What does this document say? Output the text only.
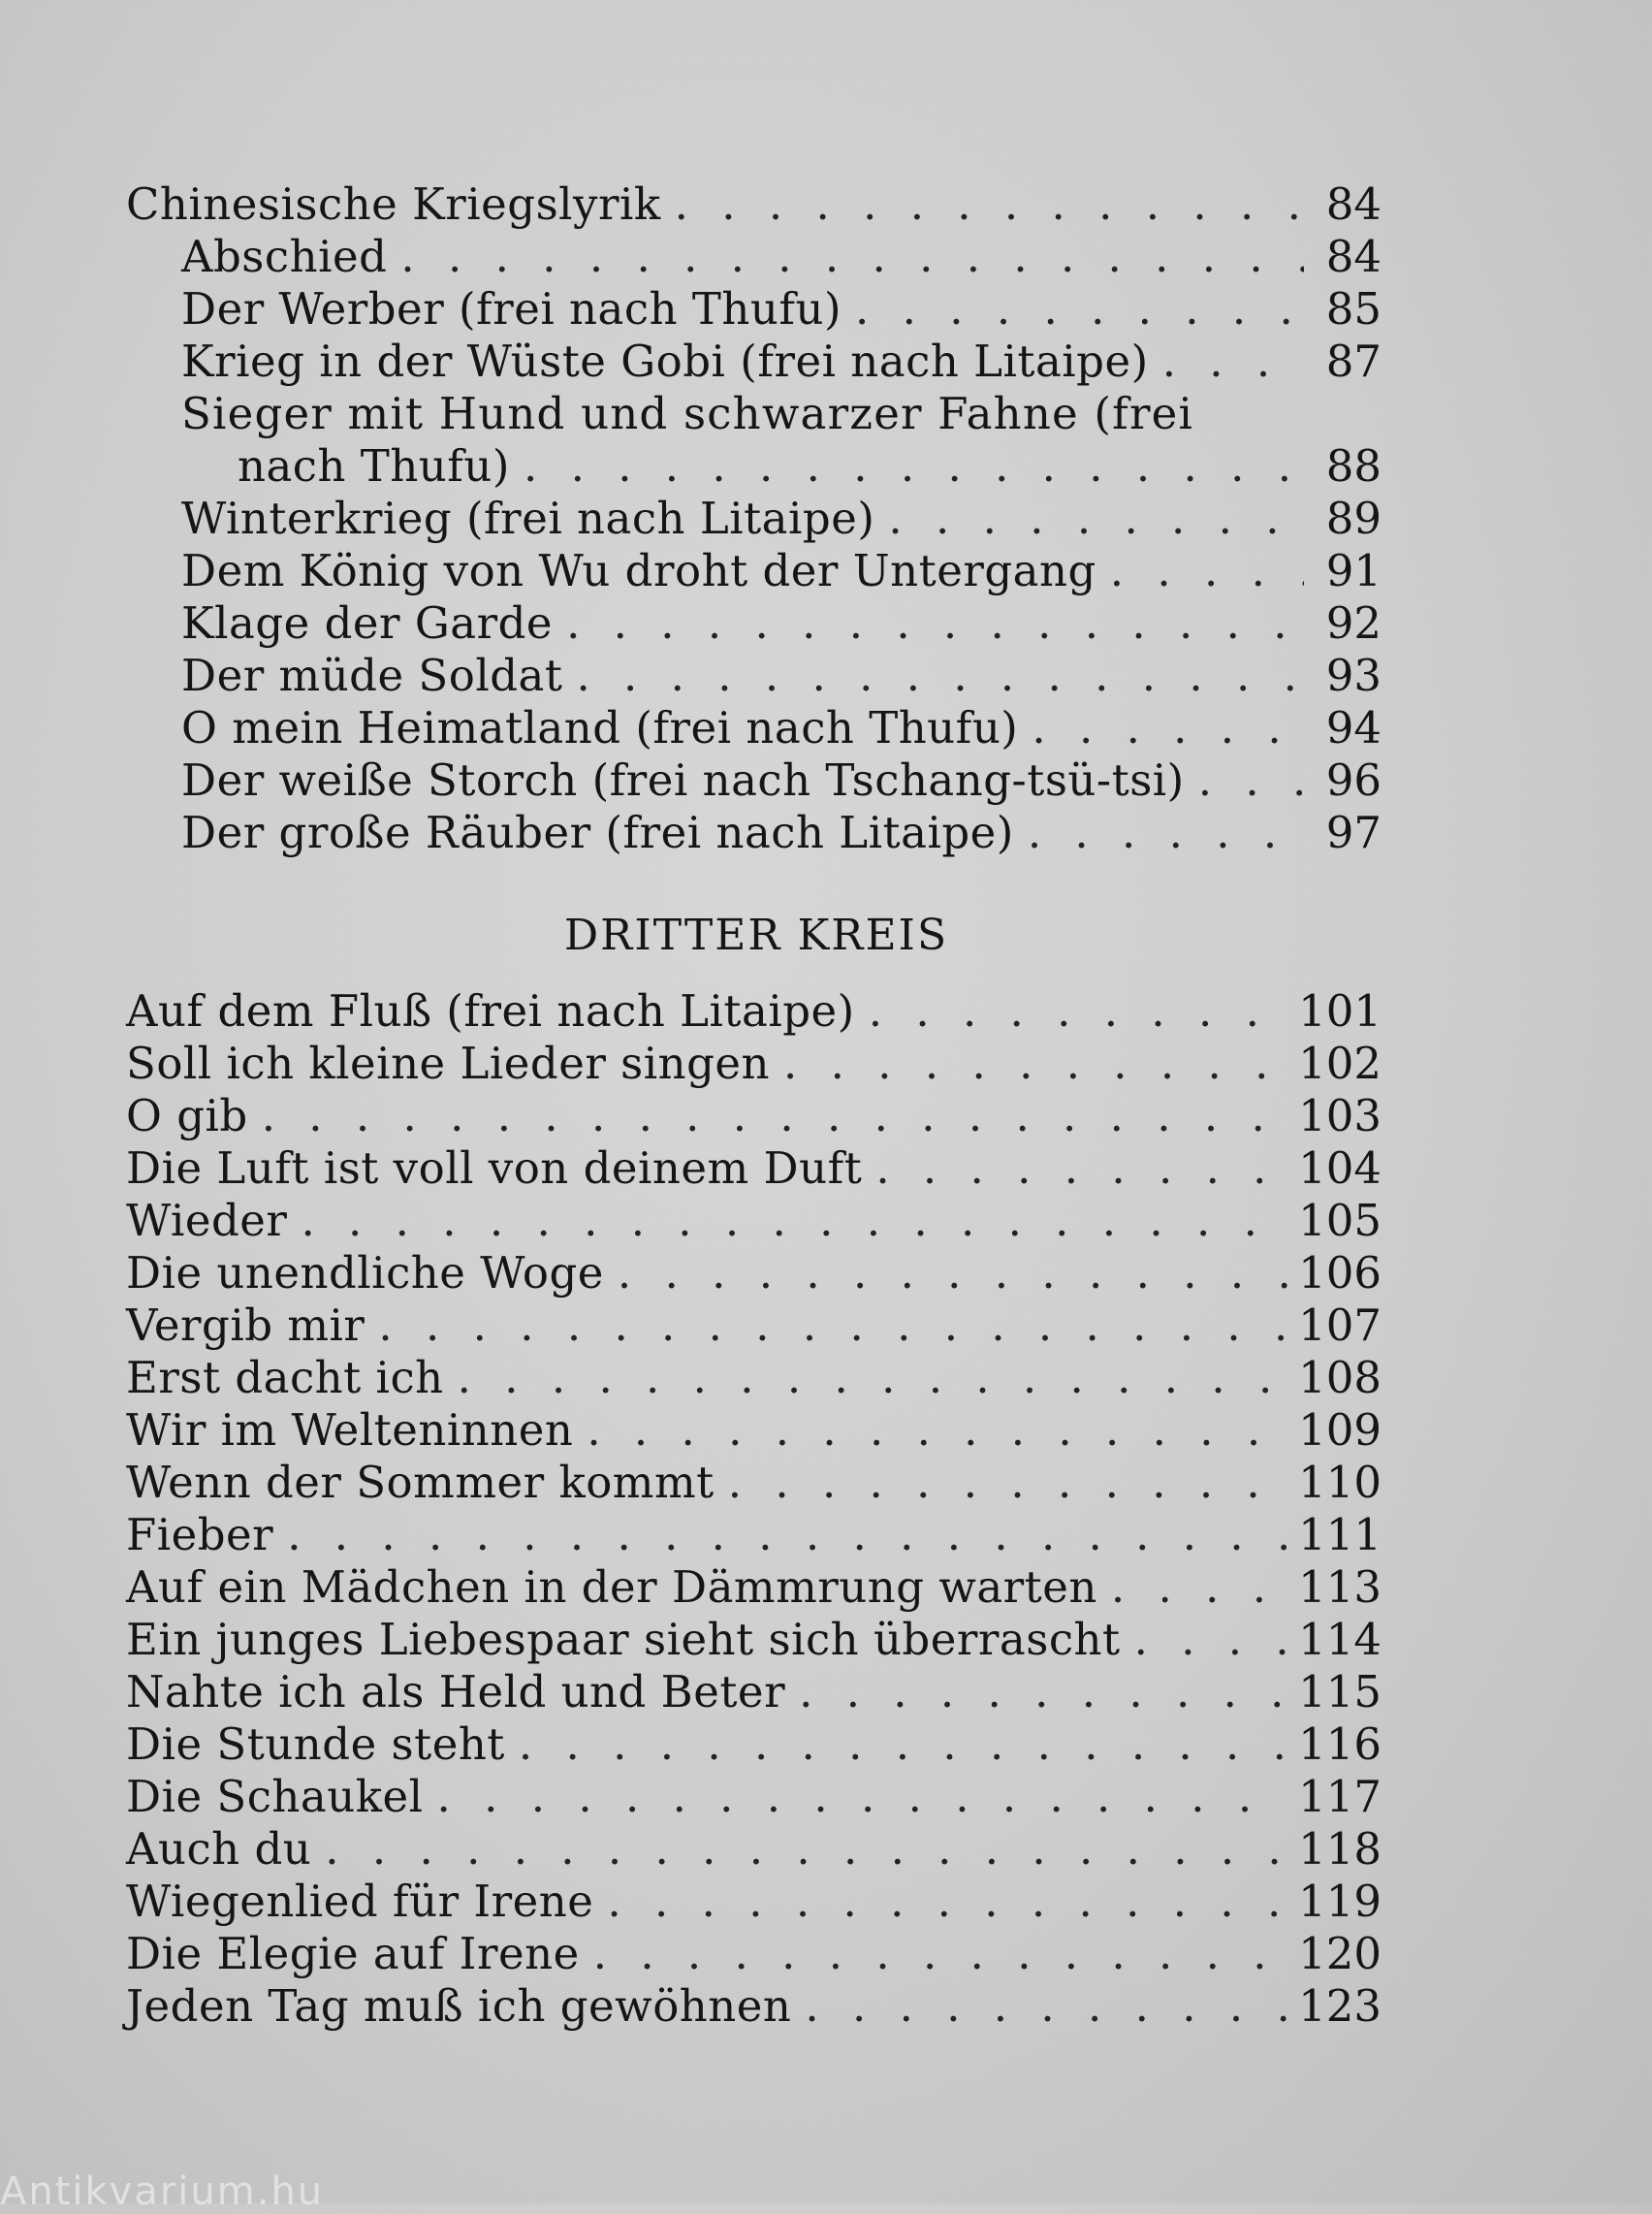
Chinesische Kriegslyrik . . .	84
Abschied . . .	84
Der Werber (frei nach Thufu) . . .	85
Krieg in der Wüste Gobi (frei nach Litaipe) . . .	87
Sieger mit Hund und schwarzer Fahne (frei
nach Thufu) . . .	88
Winterkrieg (frei nach Litaipe) . . .	89
Dem König von Wu droht der Untergang . . .	91
Klage der Garde . . .	92
Der müde Soldat . . .	93
O mein Heimatland (frei nach Thufu) . . .	94
Der weiße Storch (frei nach Tschang-tsü-tsi) . . .	96
Der große Räuber (frei nach Litaipe) . . .	97
DRITTER KREIS
Auf dem Fluß (frei nach Litaipe) . . .	101
Soll ich kleine Lieder singen . . .	102
O gib . . .	103
Die Luft ist voll von deinem Duft . . .	104
Wieder . . .	105
Die unendliche Woge . . .	106
Vergib mir . . .	107
Erst dacht ich . . .	108
Wir im Welteninnen . . .	109
Wenn der Sommer kommt . . .	110
Fieber . . .	111
Auf ein Mädchen in der Dämmrung warten . . .	113
Ein junges Liebespaar sieht sich überrascht . . .	114
Nahte ich als Held und Beter . . .	115
Die Stunde steht . . .	116
Die Schaukel . . .	117
Auch du . . .	118
Wiegenlied für Irene . . .	119
Die Elegie auf Irene . . .	120
Jeden Tag muß ich gewöhnen . . .	123
Antikvarium.hu
